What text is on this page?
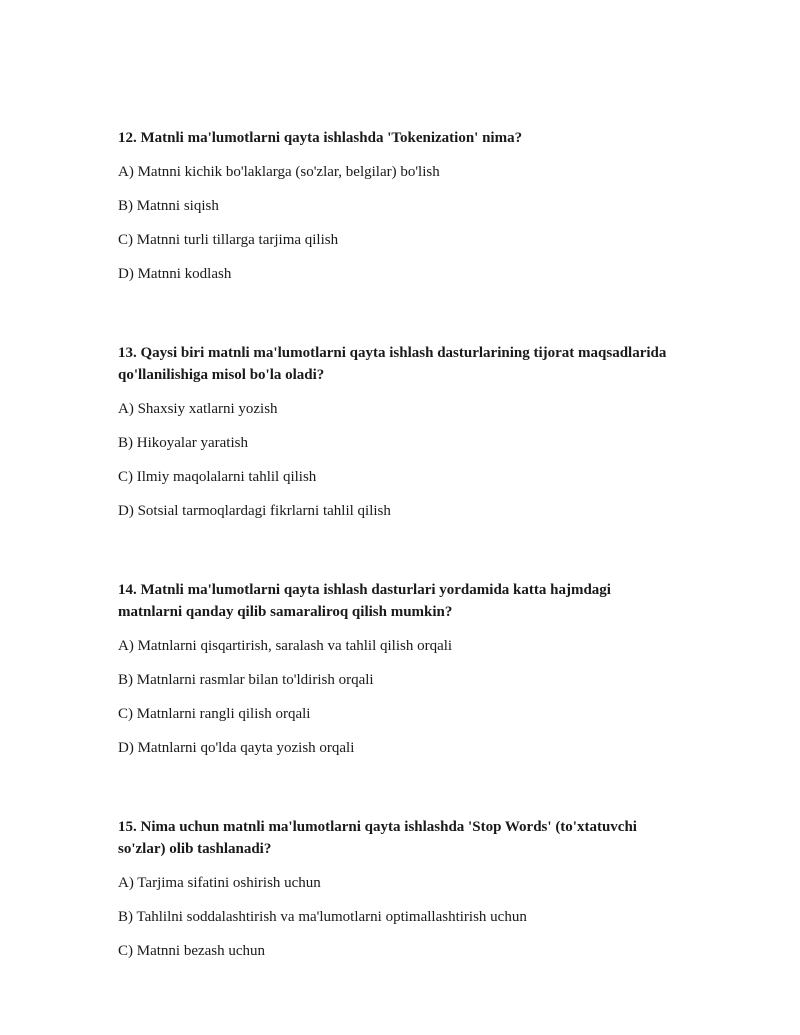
12. Matnli ma'lumotlarni qayta ishlashda 'Tokenization' nima?

A) Matnni kichik bo'laklarga (so'zlar, belgilar) bo'lish

B) Matnni siqish

C) Matnni turli tillarga tarjima qilish

D) Matnni kodlash

13. Qaysi biri matnli ma'lumotlarni qayta ishlash dasturlarining tijorat maqsadlarida qo'llanilishiga misol bo'la oladi?

A) Shaxsiy xatlarni yozish

B) Hikoyalar yaratish

C) Ilmiy maqolalarni tahlil qilish

D) Sotsial tarmoqlardagi fikrlarni tahlil qilish

14. Matnli ma'lumotlarni qayta ishlash dasturlari yordamida katta hajmdagi matnlarni qanday qilib samaraliroq qilish mumkin?

A) Matnlarni qisqartirish, saralash va tahlil qilish orqali

B) Matnlarni rasmlar bilan to'ldirish orqali

C) Matnlarni rangli qilish orqali

D) Matnlarni qo'lda qayta yozish orqali

15. Nima uchun matnli ma'lumotlarni qayta ishlashda 'Stop Words' (to'xtatuvchi so'zlar) olib tashlanadi?

A) Tarjima sifatini oshirish uchun

B) Tahlilni soddalashtirish va ma'lumotlarni optimallashtirish uchun

C) Matnni bezash uchun
